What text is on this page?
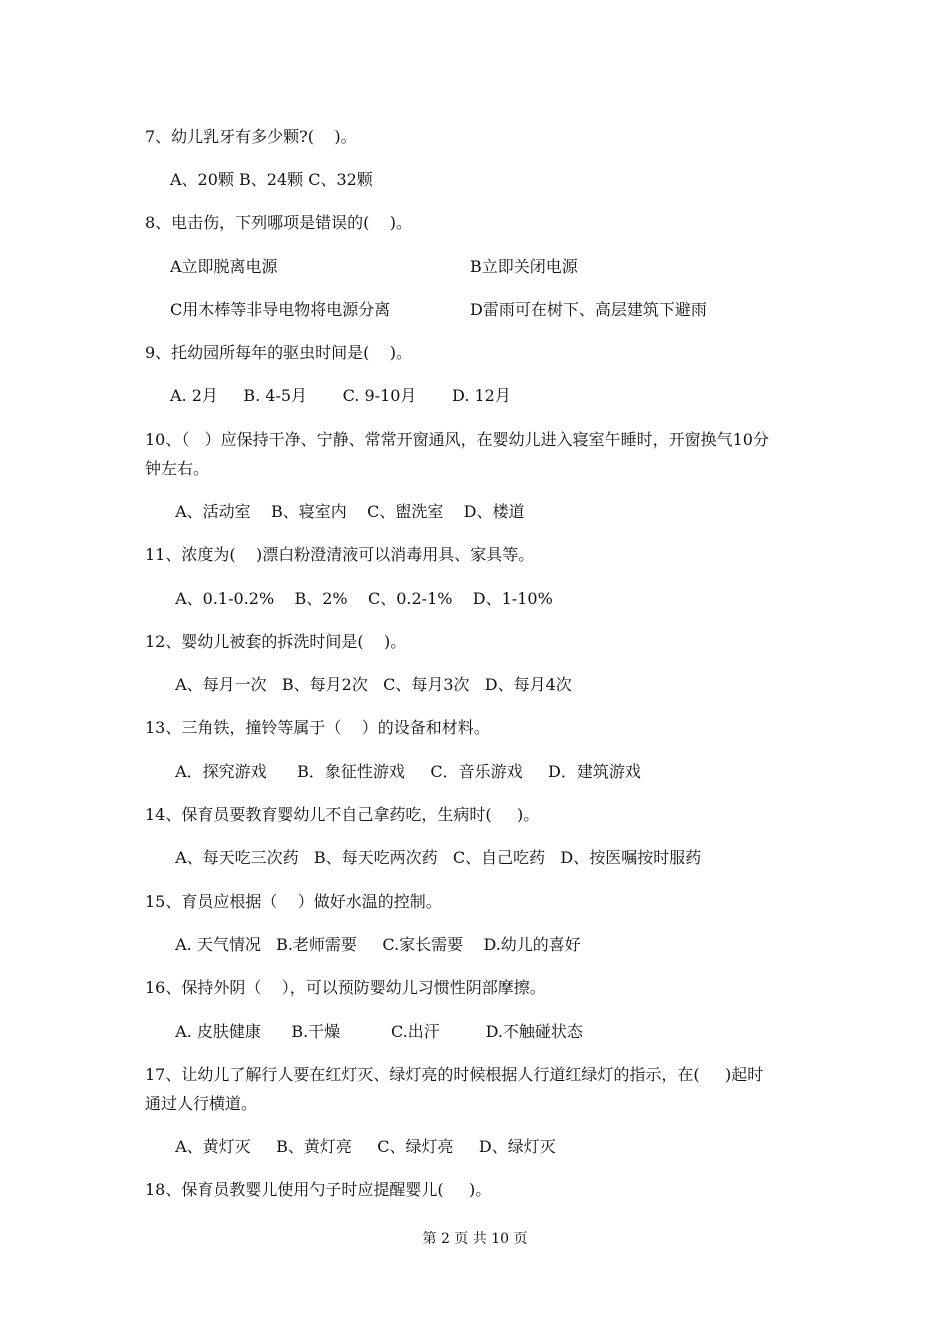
7、幼儿乳牙有多少颗?(    )。
A、20颗 B、24颗 C、32颗
8、电击伤，下列哪项是错误的(    )。
A立即脱离电源	B立即关闭电源
C用木棒等非导电物将电源分离	D雷雨可在树下、高层建筑下避雨
9、托幼园所每年的驱虫时间是(    )。
A. 2月     B. 4-5月       C. 9-10月       D. 12月
10、（   ）应保持干净、宁静、常常开窗通风，在婴幼儿进入寝室午睡时，开窗换气10分
钟左右。
A、活动室    B、寝室内    C、盥洗室    D、楼道
11、浓度为(    )漂白粉澄清液可以消毒用具、家具等。
A、0.1-0.2%    B、2%    C、0.2-1%    D、1-10%
12、婴幼儿被套的拆洗时间是(    )。
A、每月一次   B、每月2次   C、每月3次   D、每月4次
13、三角铁，撞铃等属于（    ）的设备和材料。
A．探究游戏      B．象征性游戏     C．音乐游戏     D．建筑游戏
14、保育员要教育婴幼儿不自己拿药吃，生病时(     )。
A、每天吃三次药   B、每天吃两次药   C、自己吃药   D、按医嘱按时服药
15、育员应根据（    ）做好水温的控制。
A. 天气情况   B.老师需要     C.家长需要    D.幼儿的喜好
16、保持外阴（    ），可以预防婴幼儿习惯性阴部摩擦。
A. 皮肤健康      B.干燥          C.出汗         D.不触碰状态
17、让幼儿了解行人要在红灯灭、绿灯亮的时候根据人行道红绿灯的指示，在(     )起时
通过人行横道。
A、黄灯灭     B、黄灯亮     C、绿灯亮     D、绿灯灭
18、保育员教婴儿使用勺子时应提醒婴儿(     )。
第 2 页 共 10 页
